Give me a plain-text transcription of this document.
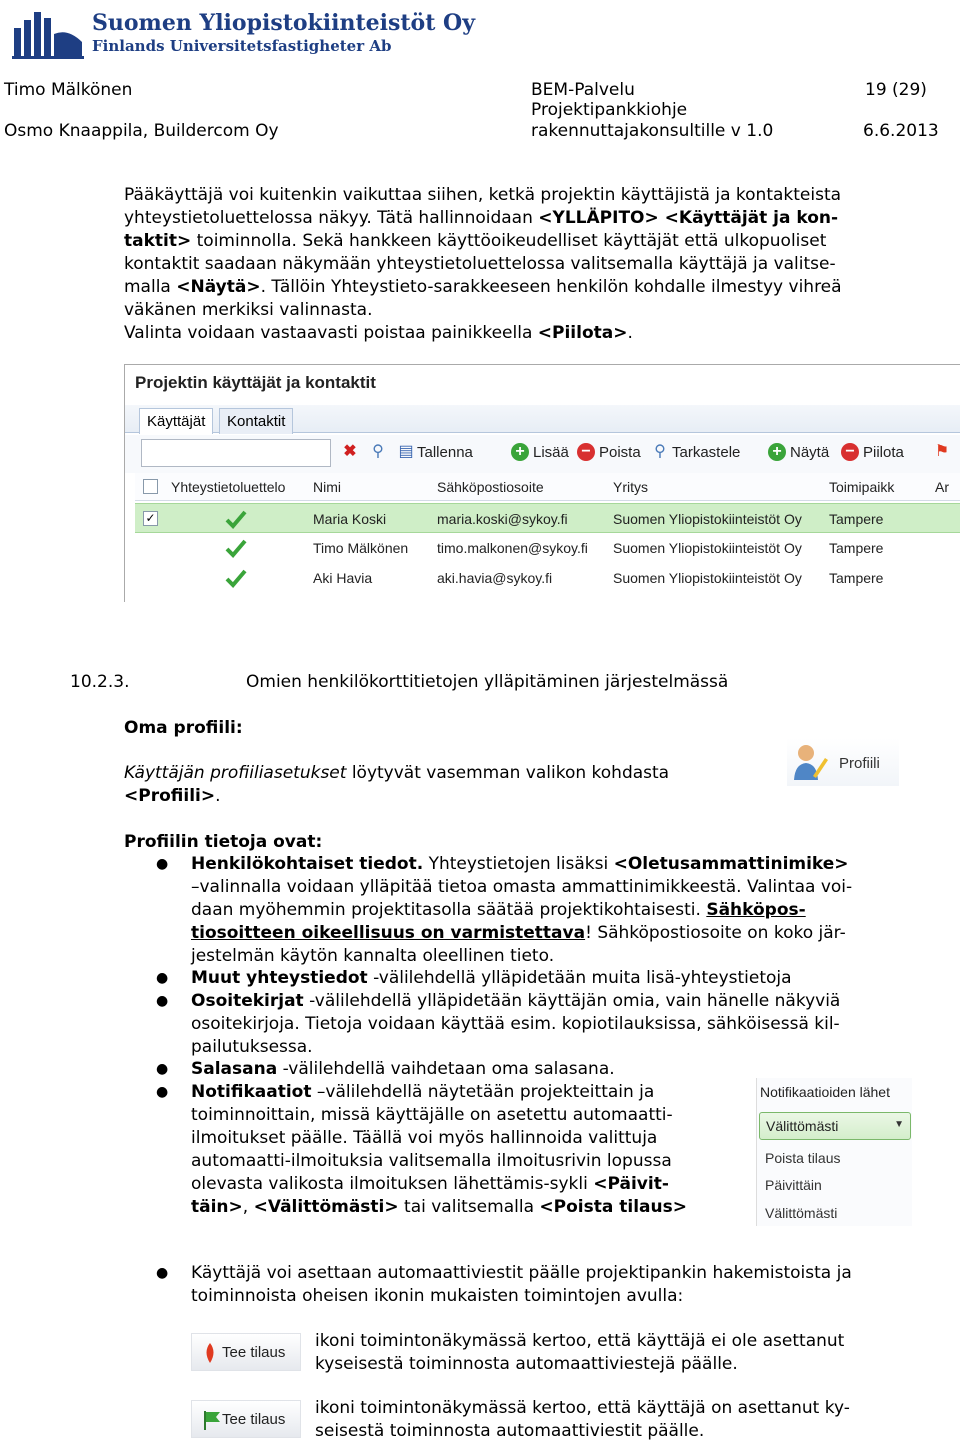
Suomen Yliopistokiinteistöt Oy
Finlands Universitetsfastigheter Ab
Timo Mälkönen
Osmo Knaappila, Buildercom Oy
BEM-Palvelu
Projektipankkiohje
rakennuttajakonsultille v 1.0
19 (29)
6.6.2013
Pääkäyttäjä voi kuitenkin vaikuttaa siihen, ketkä projektin käyttäjistä ja kontakteista
yhteystietoluettelossa näkyy. Tätä hallinnoidaan <YLLÄPITO> <Käyttäjät ja kon-
taktit> toiminnolla. Sekä hankkeen käyttöoikeudelliset käyttäjät että ulkopuoliset
kontaktit saadaan näkymään yhteystietoluettelossa valitsemalla käyttäjä ja valitse-
malla <Näytä>. Tällöin Yhteystieto-sarakkeeseen henkilön kohdalle ilmestyy vihreä
väkänen merkiksi valinnasta.
Valinta voidaan vastaavasti poistaa painikkeella <Piilota>.
Projektin käyttäjät ja kontaktit
Käyttäjät	Kontaktit
✖ ⚲ ▤ Tallenna	+ Lisää − Poista ⚲ Tarkastele + Näytä − Piilota ⚑
Yhteystietoluettelo Nimi	Sähköpostiosoite	Yritys	Toimipaikk	Ar
✓	Maria Koski	maria.koski@sykoy.fi	Suomen Yliopistokiinteistöt Oy Tampere
Timo Mälkönen timo.malkonen@sykoy.fi Suomen Yliopistokiinteistöt Oy Tampere
Aki Havia	aki.havia@sykoy.fi	Suomen Yliopistokiinteistöt Oy Tampere
10.2.3.	Omien henkilökorttitietojen ylläpitäminen järjestelmässä
Oma profiili:
Käyttäjän profiiliasetukset löytyvät vasemman valikon kohdasta
<Profiili>.
Profiili
Profiilin tietoja ovat:
● Henkilökohtaiset tiedot. Yhteystietojen lisäksi <Oletusammattinimike>
–valinnalla voidaan ylläpitää tietoa omasta ammattinimikkeestä. Valintaa voi-
daan myöhemmin projektitasolla säätää projektikohtaisesti. Sähköpos-
tiosoitteen oikeellisuus on varmistettava! Sähköpostiosoite on koko jär-
jestelmän käytön kannalta oleellinen tieto.
● Muut yhteystiedot -välilehdellä ylläpidetään muita lisä-yhteystietoja
● Osoitekirjat -välilehdellä ylläpidetään käyttäjän omia, vain hänelle näkyviä
osoitekirjoja. Tietoja voidaan käyttää esim. kopiotilauksissa, sähköisessä kil-
pailutuksessa.
● Salasana -välilehdellä vaihdetaan oma salasana.
● Notifikaatiot –välilehdellä näytetään projekteittain ja
toiminnoittain, missä käyttäjälle on asetettu automaatti-
ilmoitukset päälle. Täällä voi myös hallinnoida valittuja
automaatti-ilmoituksia valitsemalla ilmoitusrivin lopussa
olevasta valikosta ilmoituksen lähettämis-sykli <Päivit-
täin>, <Välittömästi> tai valitsemalla <Poista tilaus>
Notifikaatioiden lähet
Välittömästi	▼
Poista tilaus
Päivittäin
Välittömästi
● Käyttäjä voi asettaan automaattiviestit päälle projektipankin hakemistoista ja
toiminnoista oheisen ikonin mukaisten toimintojen avulla:
Tee tilaus
ikoni toimintonäkymässä kertoo, että käyttäjä ei ole asettanut
kyseisestä toiminnosta automaattiviestejä päälle.
Tee tilaus
ikoni toimintonäkymässä kertoo, että käyttäjä on asettanut ky-
seisestä toiminnosta automaattiviestit päälle.
